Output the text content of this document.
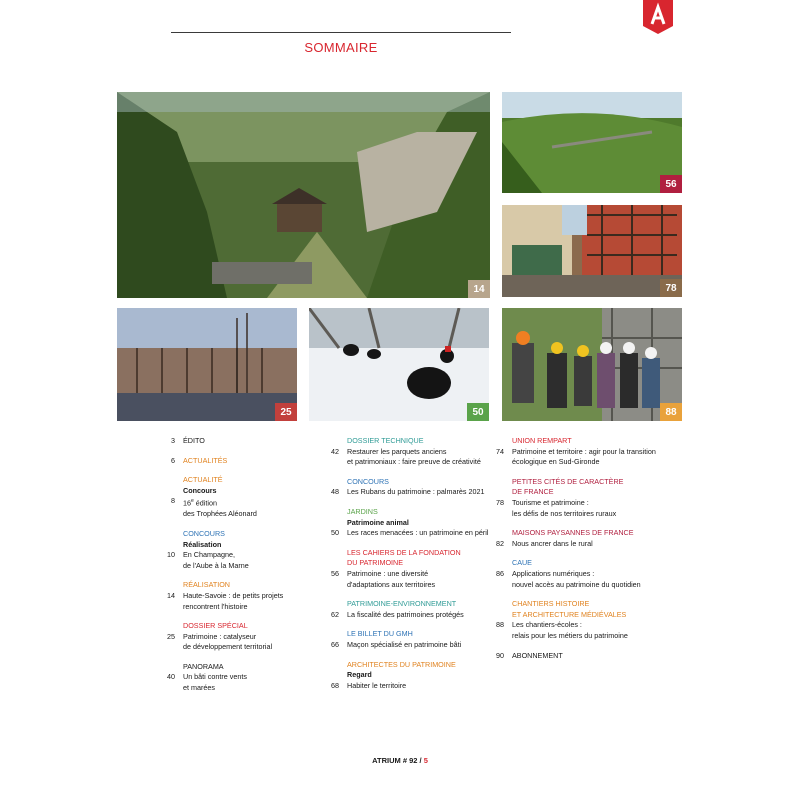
SOMMAIRE
14
56
78
25	50	88
3 ÉDITO
6 ACTUALITÉS
ACTUALITÉ
Concours
8 16e édition
des Trophées Aléonard
CONCOURS
Réalisation
10 En Champagne,
de l'Aube à la Marne
RÉALISATION
14 Haute-Savoie : de petits projets
rencontrent l'histoire
DOSSIER SPÉCIAL
25 Patrimoine : catalyseur
de développement territorial
PANORAMA
40 Un bâti contre vents
et marées
DOSSIER TECHNIQUE
42 Restaurer les parquets anciens
et patrimoniaux : faire preuve de créativité
CONCOURS
48 Les Rubans du patrimoine : palmarès 2021
JARDINS
Patrimoine animal
50 Les races menacées : un patrimoine en péril
LES CAHIERS DE LA FONDATION
DU PATRIMOINE
56 Patrimoine : une diversité
d'adaptations aux territoires
PATRIMOINE-ENVIRONNEMENT
62 La fiscalité des patrimoines protégés
LE BILLET DU GMH
66 Maçon spécialisé en patrimoine bâti
ARCHITECTES DU PATRIMOINE
Regard
68 Habiter le territoire
UNION REMPART
74 Patrimoine et territoire : agir pour la transition
écologique en Sud-Gironde
PETITES CITÉS DE CARACTÈRE
DE FRANCE
78 Tourisme et patrimoine :
les défis de nos territoires ruraux
MAISONS PAYSANNES DE FRANCE
82 Nous ancrer dans le rural
CAUE
86 Applications numériques :
nouvel accès au patrimoine du quotidien
CHANTIERS HISTOIRE
ET ARCHITECTURE MÉDIÉVALES
88 Les chantiers-écoles :
relais pour les métiers du patrimoine
90 ABONNEMENT
ATRIUM # 92 / 5
